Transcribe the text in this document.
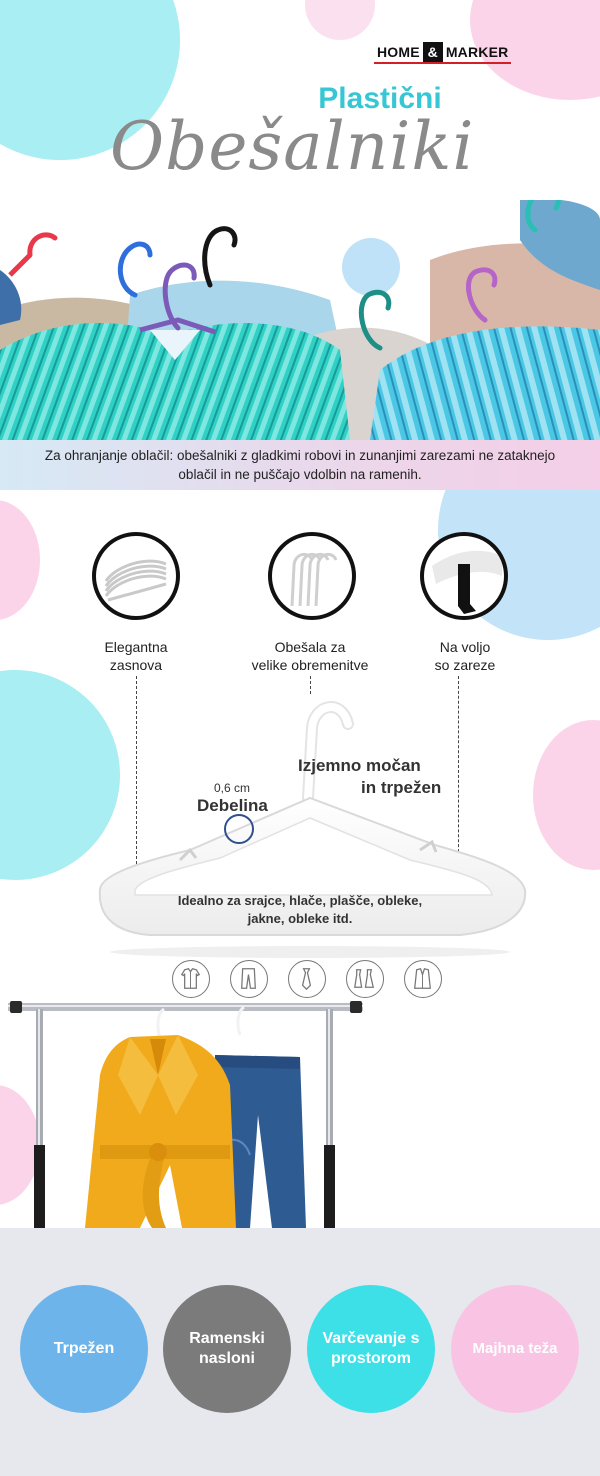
HOME & MARKER
Plastični
Obešalniki
Za ohranjanje oblačil: obešalniki z gladkimi robovi in zunanjimi zarezami ne zataknejo oblačil in ne puščajo vdolbin na ramenih.
Elegantna
zasnova
Obešala za
velike obremenitve
Na voljo
so zareze
0,6 cm
Debelina
Izjemno močan
in trpežen
Idealno za srajce, hlače, plašče, obleke,
jakne, obleke itd.
Trpežen
Ramenski
nasloni
Varčevanje s
prostorom
Majhna teža
